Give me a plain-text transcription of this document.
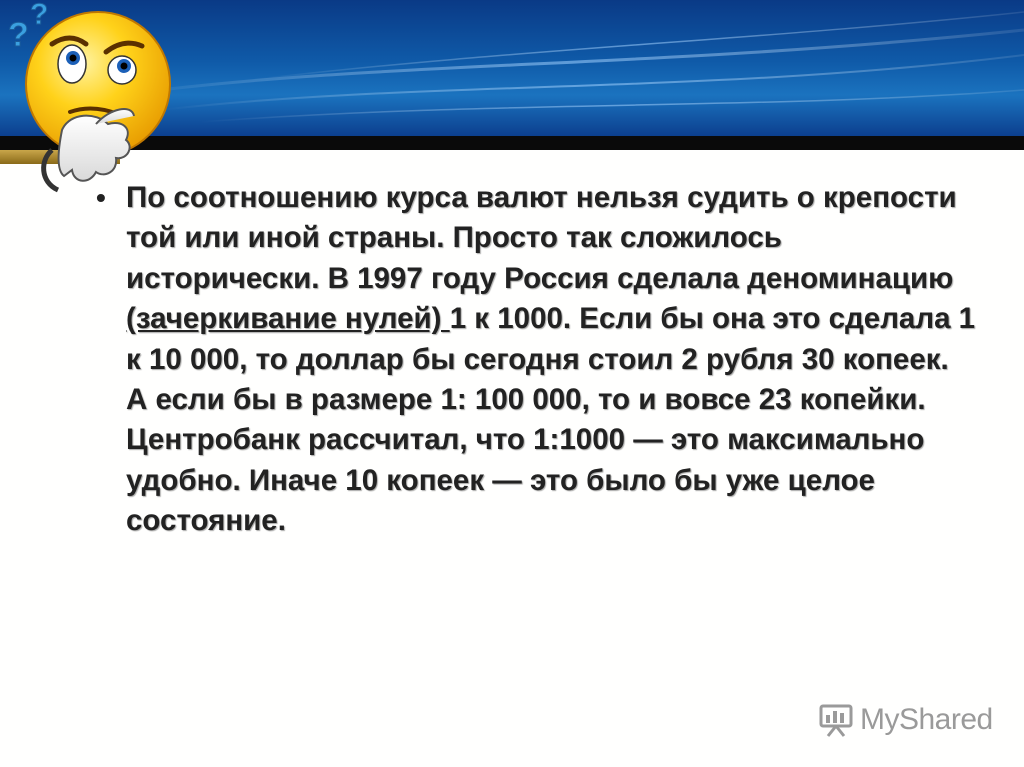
?
?
• По соотношению курса валют нельзя судить о крепости той или иной страны. Просто так сложилось исторически. В 1997 году Россия сделала деноминацию (зачеркивание нулей) 1 к 1000. Если бы она это сделала 1 к 10 000, то доллар бы сегодня стоил 2 рубля 30 копеек. А если бы в размере 1: 100 000, то и вовсе 23 копейки. Центробанк рассчитал, что 1:1000 — это максимально удобно. Иначе 10 копеек — это было бы уже целое состояние.
MyShared
